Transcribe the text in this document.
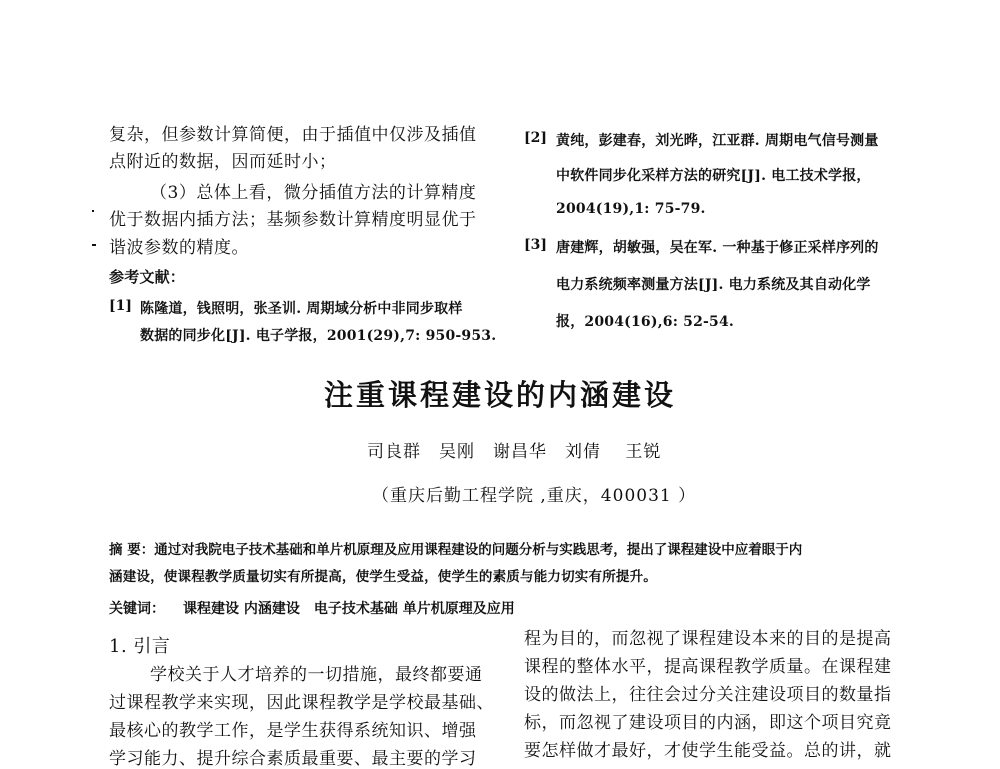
复杂，但参数计算简便，由于插值中仅涉及插值
点附近的数据，因而延时小；
（3）总体上看，微分插值方法的计算精度
优于数据内插方法；基频参数计算精度明显优于
谐波参数的精度。
参考文献：
[1] 陈隆道，钱照明，张圣训. 周期域分析中非同步取样
数据的同步化[J]. 电子学报，2001(29),7: 950-953.
[2] 黄纯，彭建春，刘光晔，江亚群. 周期电气信号测量
中软件同步化采样方法的研究[J]. 电工技术学报，
2004(19),1: 75-79.
[3] 唐建辉，胡敏强，吴在军. 一种基于修正采样序列的
电力系统频率测量方法[J]. 电力系统及其自动化学
报，2004(16),6: 52-54.
注重课程建设的内涵建设
司良群　吴刚　谢昌华　刘倩　 王锐
（重庆后勤工程学院 ,重庆，400031 ）
摘 要：通过对我院电子技术基础和单片机原理及应用课程建设的问题分析与实践思考，提出了课程建设中应着眼于内
涵建设，使课程教学质量切实有所提高，使学生受益，使学生的素质与能力切实有所提升。
关键词： 课程建设 内涵建设　电子技术基础 单片机原理及应用
1. 引言
学校关于人才培养的一切措施，最终都要通
过课程教学来实现，因此课程教学是学校最基础、
最核心的教学工作，是学生获得系统知识、增强
学习能力、提升综合素质最重要、最主要的学习
程为目的，而忽视了课程建设本来的目的是提高
课程的整体水平，提高课程教学质量。在课程建
设的做法上，往往会过分关注建设项目的数量指
标，而忽视了建设项目的内涵，即这个项目究竟
要怎样做才最好，才使学生能受益。总的讲，就
